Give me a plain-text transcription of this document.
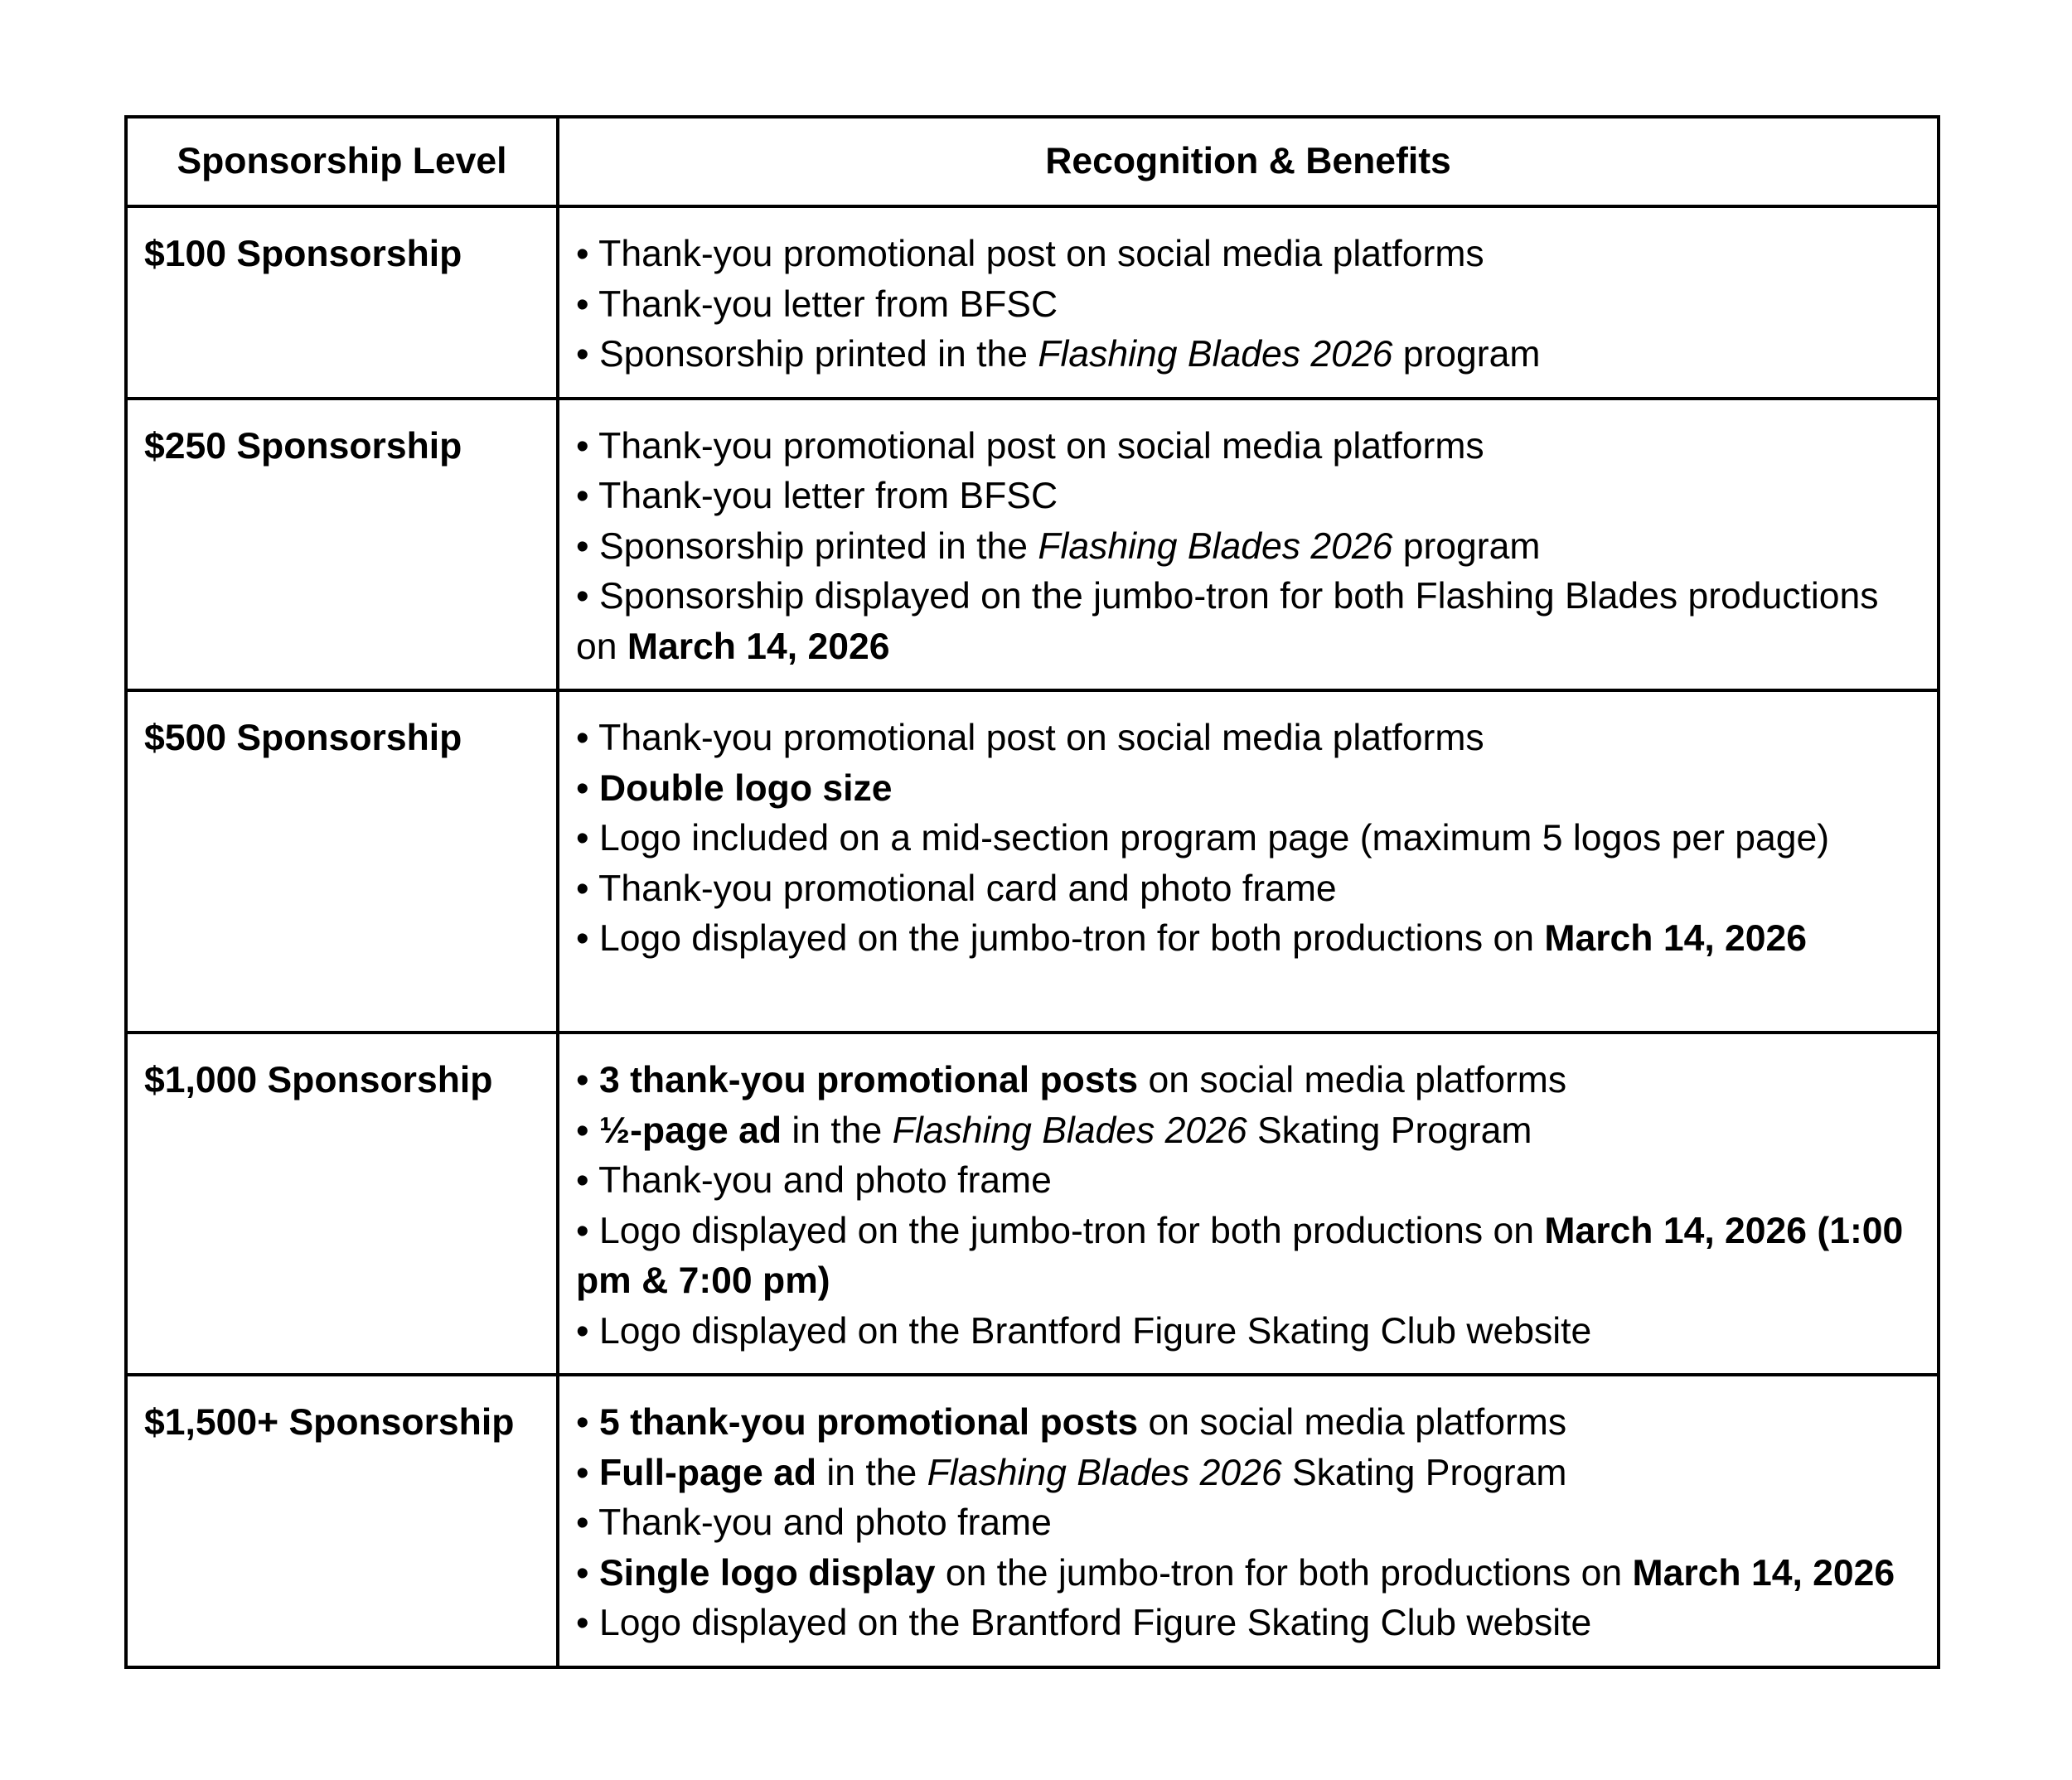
Sponsorship Level	Recognition & Benefits
$100 Sponsorship	• Thank-you promotional post on social media platforms
• Thank-you letter from BFSC
• Sponsorship printed in the Flashing Blades 2026 program

$250 Sponsorship	• Thank-you promotional post on social media platforms
• Thank-you letter from BFSC
• Sponsorship printed in the Flashing Blades 2026 program
• Sponsorship displayed on the jumbo-tron for both Flashing Blades productions on March 14, 2026

$500 Sponsorship	• Thank-you promotional post on social media platforms
• Double logo size
• Logo included on a mid-section program page (maximum 5 logos per page)
• Thank-you promotional card and photo frame
• Logo displayed on the jumbo-tron for both productions on March 14, 2026

$1,000 Sponsorship	• 3 thank-you promotional posts on social media platforms
• ½-page ad in the Flashing Blades 2026 Skating Program
• Thank-you and photo frame
• Logo displayed on the jumbo-tron for both productions on March 14, 2026 (1:00 pm & 7:00 pm)
• Logo displayed on the Brantford Figure Skating Club website

$1,500+ Sponsorship	• 5 thank-you promotional posts on social media platforms
• Full-page ad in the Flashing Blades 2026 Skating Program
• Thank-you and photo frame
• Single logo display on the jumbo-tron for both productions on March 14, 2026
• Logo displayed on the Brantford Figure Skating Club website
